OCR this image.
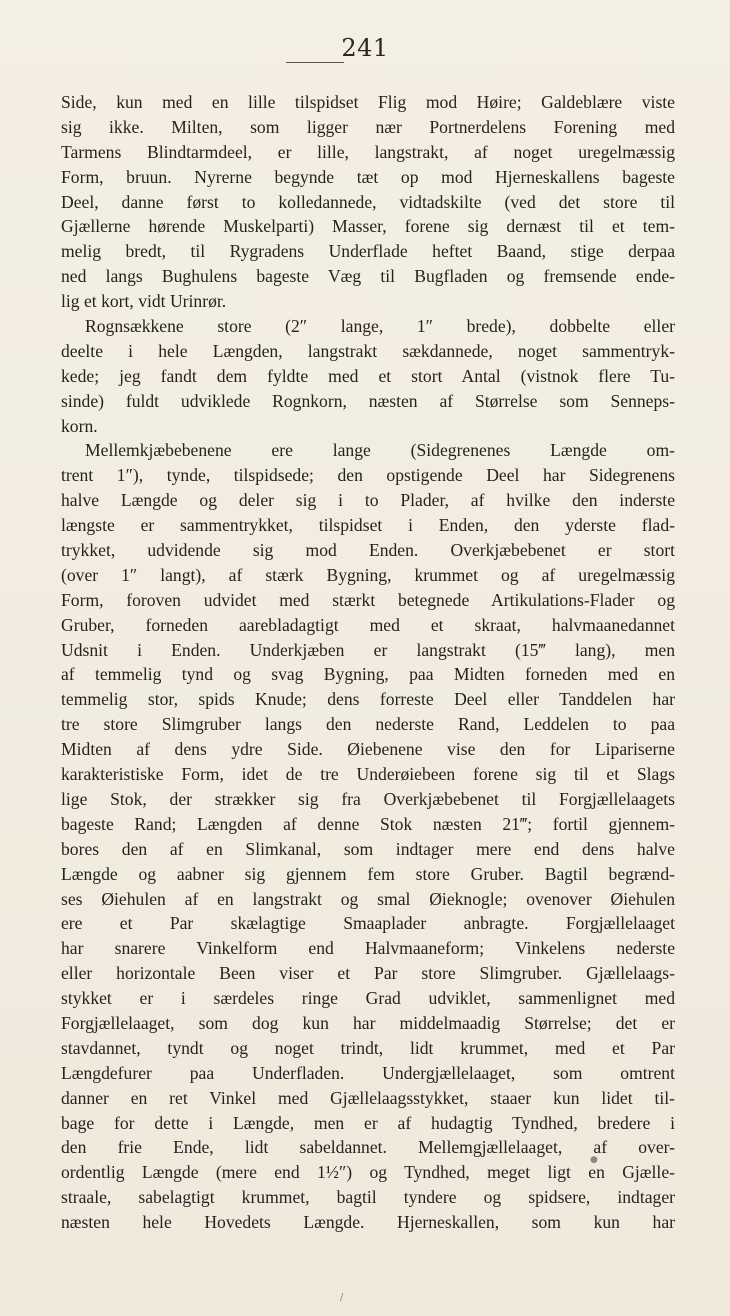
241
Side, kun med en lille tilspidset Flig mod Høire; Galdeblære viste
sig ikke. Milten, som ligger nær Portnerdelens Forening med
Tarmens Blindtarmdeel, er lille, langstrakt, af noget uregelmæssig
Form, bruun. Nyrerne begynde tæt op mod Hjerneskallens bageste
Deel, danne først to kolledannede, vidtadskilte (ved det store til
Gjællerne hørende Muskelparti) Masser, forene sig dernæst til et tem-
melig bredt, til Rygradens Underflade heftet Baand, stige derpaa
ned langs Bughulens bageste Væg til Bugfladen og fremsende ende-
lig et kort, vidt Urinrør.
Rognsækkene store (2″ lange, 1″ brede), dobbelte eller
deelte i hele Længden, langstrakt sækdannede, noget sammentryk-
kede; jeg fandt dem fyldte med et stort Antal (vistnok flere Tu-
sinde) fuldt udviklede Rognkorn, næsten af Størrelse som Senneps-
korn.
Mellemkjæbebenene ere lange (Sidegrenenes Længde om-
trent 1″), tynde, tilspidsede; den opstigende Deel har Sidegrenens
halve Længde og deler sig i to Plader, af hvilke den inderste
længste er sammentrykket, tilspidset i Enden, den yderste flad-
trykket, udvidende sig mod Enden. Overkjæbebenet er stort
(over 1″ langt), af stærk Bygning, krummet og af uregelmæssig
Form, foroven udvidet med stærkt betegnede Artikulations-Flader og
Gruber, forneden aarebladagtigt med et skraat, halvmaanedannet
Udsnit i Enden. Underkjæben er langstrakt (15‴ lang), men
af temmelig tynd og svag Bygning, paa Midten forneden med en
temmelig stor, spids Knude; dens forreste Deel eller Tanddelen har
tre store Slimgruber langs den nederste Rand, Leddelen to paa
Midten af dens ydre Side. Øiebenene vise den for Lipariserne
karakteristiske Form, idet de tre Underøiebeen forene sig til et Slags
lige Stok, der strækker sig fra Overkjæbebenet til Forgjællelaagets
bageste Rand; Længden af denne Stok næsten 21‴; fortil gjennem-
bores den af en Slimkanal, som indtager mere end dens halve
Længde og aabner sig gjennem fem store Gruber. Bagtil begrænd-
ses Øiehulen af en langstrakt og smal Øieknogle; ovenover Øiehulen
ere et Par skælagtige Smaaplader anbragte. Forgjællelaaget
har snarere Vinkelform end Halvmaaneform; Vinkelens nederste
eller horizontale Been viser et Par store Slimgruber. Gjællelaags-
stykket er i særdeles ringe Grad udviklet, sammenlignet med
Forgjællelaaget, som dog kun har middelmaadig Størrelse; det er
stavdannet, tyndt og noget trindt, lidt krummet, med et Par
Længdefurer paa Underfladen. Undergjællelaaget, som omtrent
danner en ret Vinkel med Gjællelaagsstykket, staaer kun lidet til-
bage for dette i Længde, men er af hudagtig Tyndhed, bredere i
den frie Ende, lidt sabeldannet. Mellemgjællelaaget, af over-
ordentlig Længde (mere end 1½″) og Tyndhed, meget ligt en Gjælle-
straale, sabelagtigt krummet, bagtil tyndere og spidsere, indtager
næsten hele Hovedets Længde. Hjerneskallen, som kun har
●
/
